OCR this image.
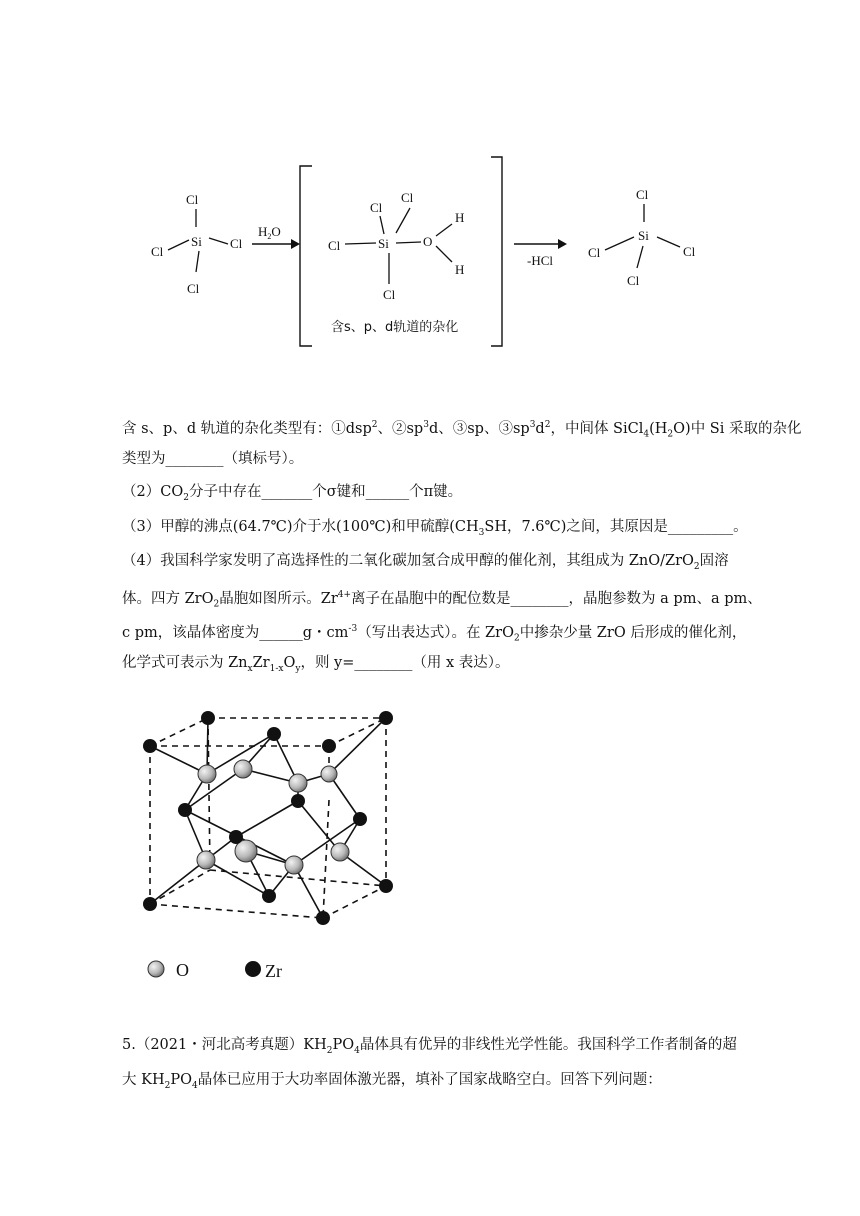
Cl
Si
Cl
Cl
Cl
$H_2O$
Cl
Cl
Si
Cl	O
H
H
Cl
含s、p、d轨道的杂化
-HCl
Cl
Si
Cl	Cl
Cl
含 s、p、d 轨道的杂化类型有：①dsp$^2$、$②sp^3d$、③sp、$③sp^3d^2$，中间体 $SiCl_4(H_2O)$中 Si 采取的杂化
类型为________（填标号）。
$(2)CO_2$分子中存在_______个σ键和______个π键。
（3）甲醇的沸点(64.7℃)介于水(100℃)和甲硫醇($CH_3SH$，7.6℃)之间，其原因是_________。
（4）我国科学家发明了高选择性的二氧化碳加氢合成甲醇的催化剂，其组成为 ZnO/ZrO$_2$固溶
体。四方 ZrO$_2$晶胞如图所示。$Zr^{4+}$离子在晶胞中的配位数是________，晶胞参数为 a pm、a pm、
c pm，该晶体密度为______g・$cm^{-3}$（写出表达式）。在 ZrO$_2$中掺杂少量 ZrO 后形成的催化剂，
化学式可表示为 $Zn_xZr_{1-x}O_y$，则 y=________（用 x 表达）。
O	Zr
5.（2021・河北高考真题）$KH_2PO_4$晶体具有优异的非线性光学性能。我国科学工作者制备的超
大 $KH_2PO_4$晶体已应用于大功率固体激光器，填补了国家战略空白。回答下列问题：
